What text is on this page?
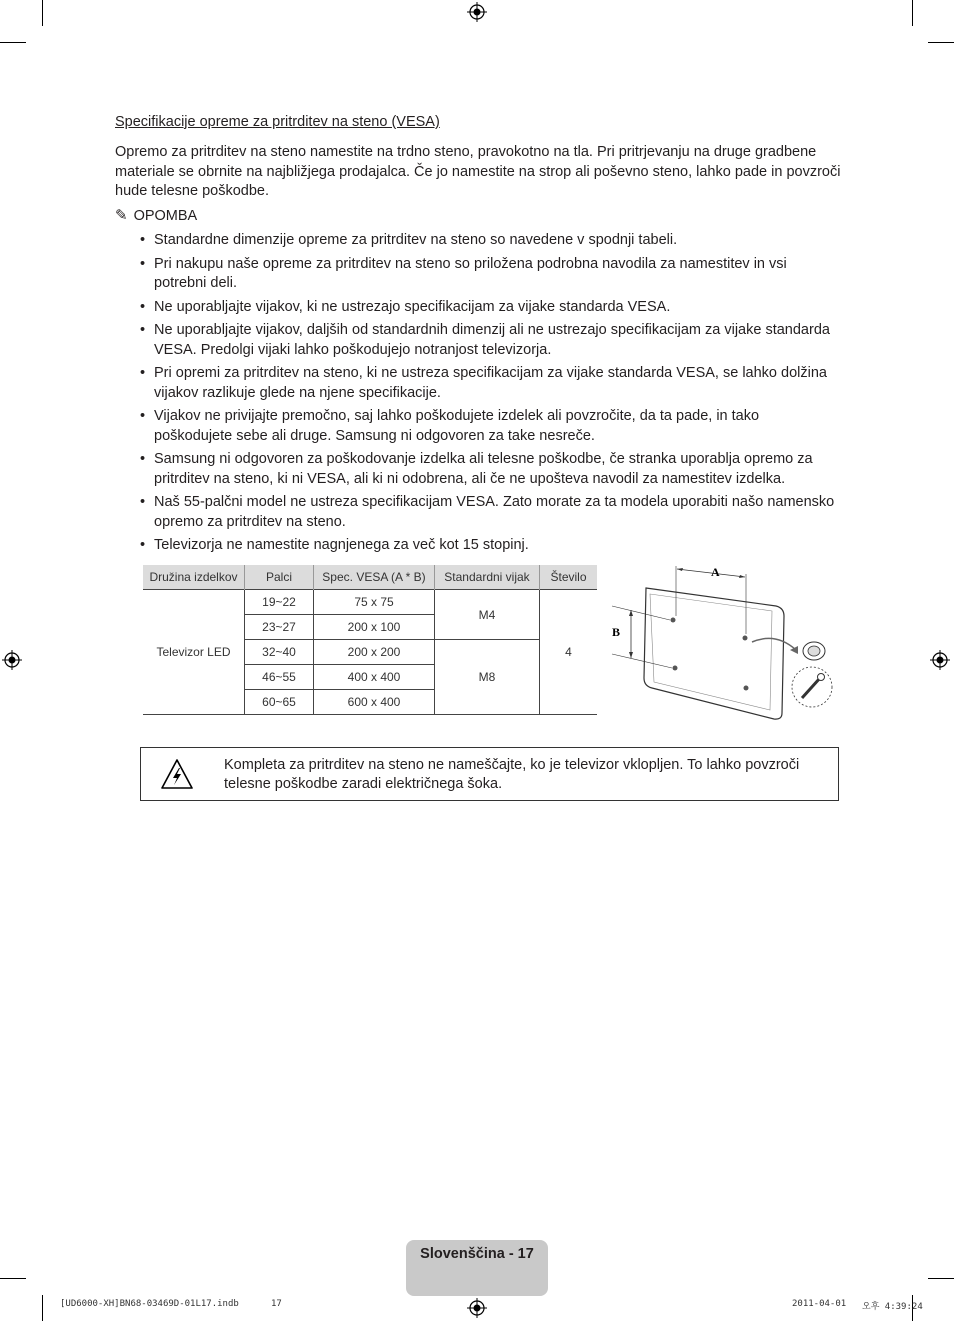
Specifikacije opreme za pritrditev na steno (VESA)
Opremo za pritrditev na steno namestite na trdno steno, pravokotno na tla. Pri pritrjevanju na druge gradbene materiale se obrnite na najbližjega prodajalca. Če jo namestite na strop ali poševno steno, lahko pade in povzroči hude telesne poškodbe.
✎ OPOMBA
• Standardne dimenzije opreme za pritrditev na steno so navedene v spodnji tabeli.
• Pri nakupu naše opreme za pritrditev na steno so priložena podrobna navodila za namestitev in vsi potrebni deli.
• Ne uporabljajte vijakov, ki ne ustrezajo specifikacijam za vijake standarda VESA.
• Ne uporabljajte vijakov, daljših od standardnih dimenzij ali ne ustrezajo specifikacijam za vijake standarda VESA. Predolgi vijaki lahko poškodujejo notranjost televizorja.
• Pri opremi za pritrditev na steno, ki ne ustreza specifikacijam za vijake standarda VESA, se lahko dolžina vijakov razlikuje glede na njene specifikacije.
• Vijakov ne privijajte premočno, saj lahko poškodujete izdelek ali povzročite, da ta pade, in tako poškodujete sebe ali druge. Samsung ni odgovoren za take nesreče.
• Samsung ni odgovoren za poškodovanje izdelka ali telesne poškodbe, če stranka uporablja opremo za pritrditev na steno, ki ni VESA, ali ki ni odobrena, ali če ne upošteva navodil za namestitev izdelka.
• Naš 55-palčni model ne ustreza specifikacijam VESA. Zato morate za ta modela uporabiti našo namensko opremo za pritrditev na steno.
• Televizorja ne namestite nagnjenega za več kot 15 stopinj.
Družina izdelkov	Palci	Spec. VESA (A * B)	Standardni vijak	Število
Televizor LED	19~22	75 x 75	M4	4
	23~27	200 x 100		
	32~40	200 x 200	M8	
	46~55	400 x 400		
	60~65	600 x 400		
A
B
Kompleta za pritrditev na steno ne nameščajte, ko je televizor vklopljen. To lahko povzroči telesne poškodbe zaradi električnega šoka.
Slovenščina - 17
[UD6000-XH]BN68-03469D-01L17.indb	17	2011-04-01 오후 4:39:24
